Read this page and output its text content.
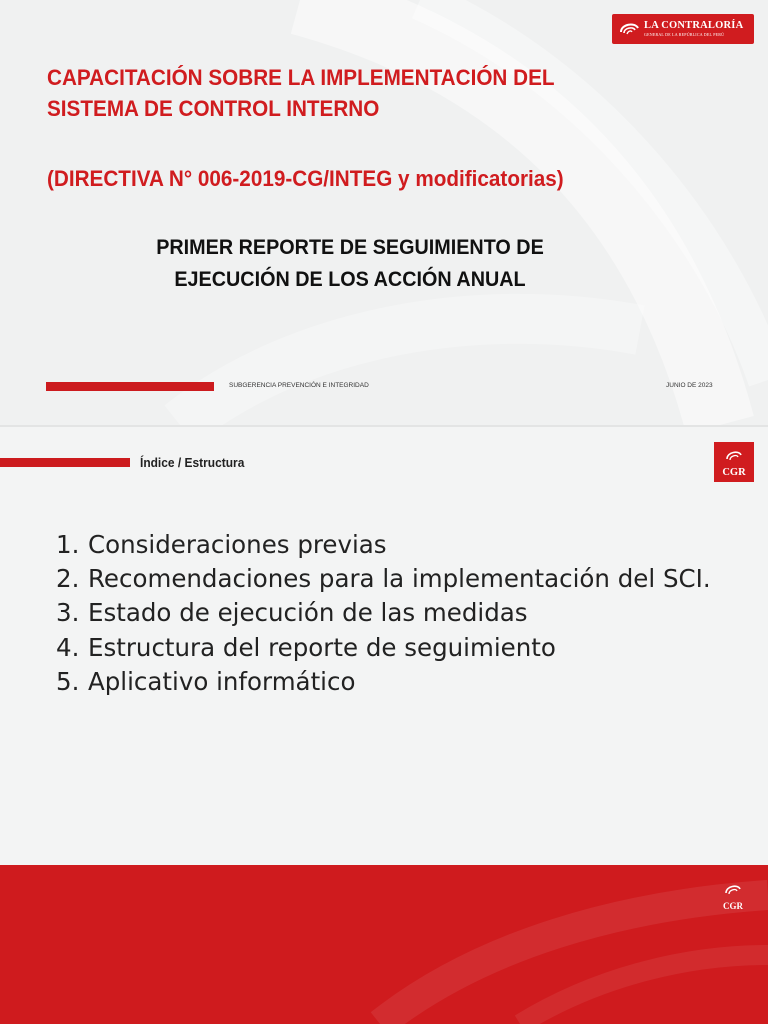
LA CONTRALORÍA
GENERAL DE LA REPÚBLICA DEL PERÚ
CAPACITACIÓN SOBRE LA IMPLEMENTACIÓN DEL
SISTEMA DE CONTROL INTERNO
(DIRECTIVA N° 006-2019-CG/INTEG y modificatorias)
PRIMER REPORTE DE SEGUIMIENTO DE
EJECUCIÓN DE LOS ACCIÓN ANUAL
SUBGERENCIA PREVENCIÓN E INTEGRIDAD	JUNIO DE 2023
Índice / Estructura
CGR
1. Consideraciones previas
2. Recomendaciones para la implementación del SCI.
3. Estado de ejecución de las medidas
4. Estructura del reporte de seguimiento
5. Aplicativo informático
CGR
